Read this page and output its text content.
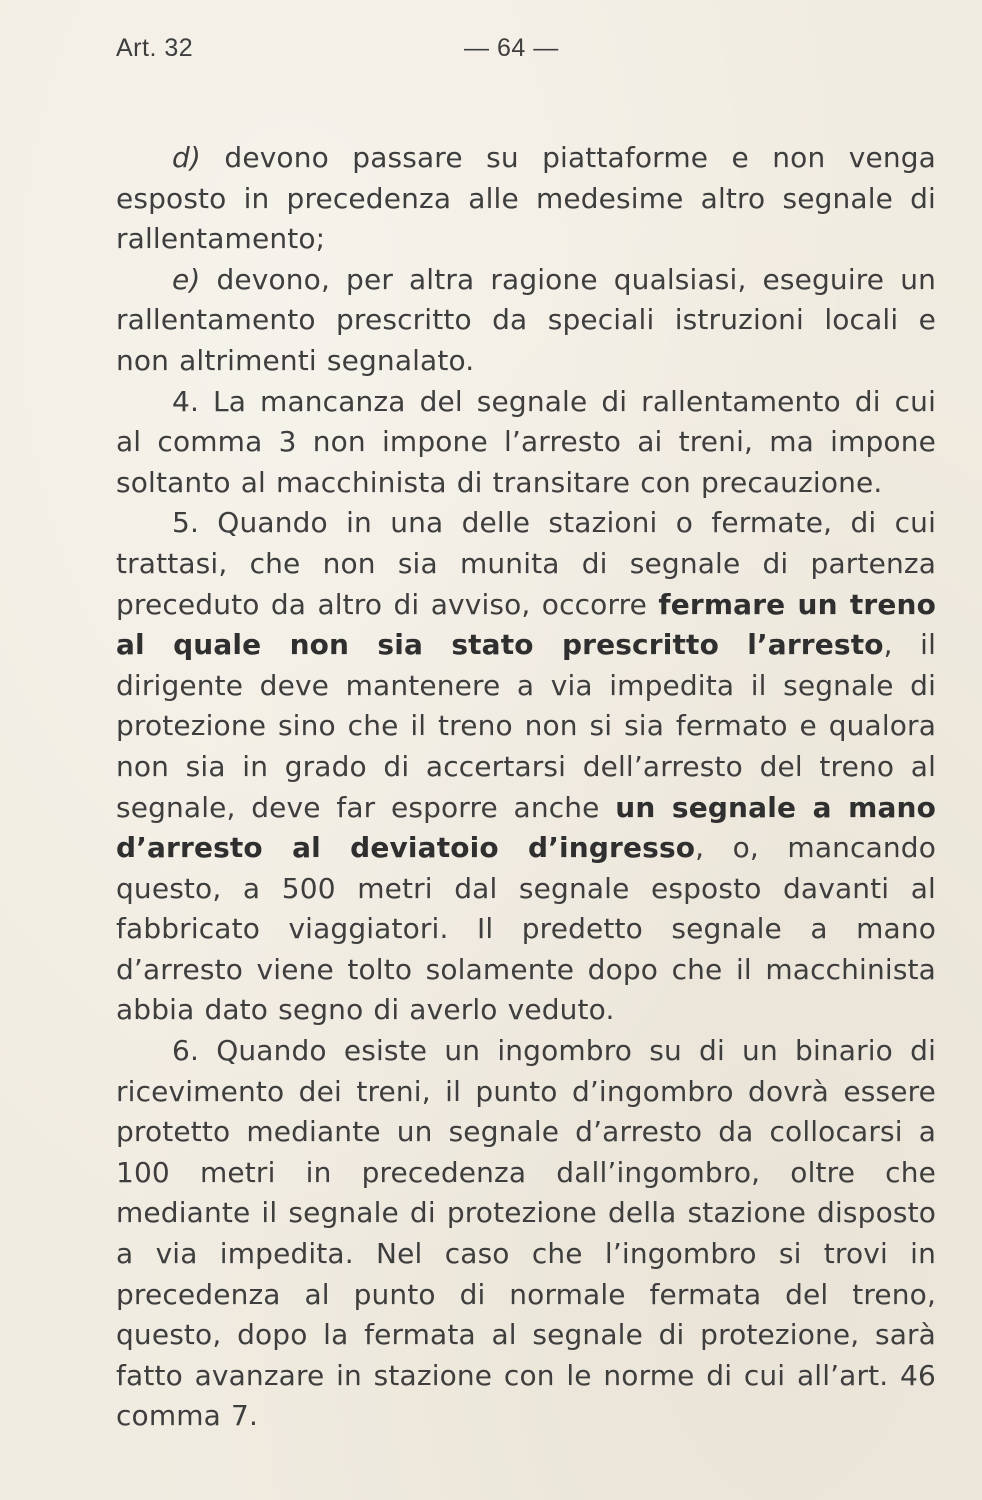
Art. 32	— 64 —

d) devono passare su piattaforme e non venga esposto in precedenza alle medesime altro segnale di rallentamento;

e) devono, per altra ragione qualsiasi, eseguire un rallentamento prescritto da speciali istruzioni locali e non altrimenti segnalato.

4. La mancanza del segnale di rallentamento di cui al comma 3 non impone l’arresto ai treni, ma impone soltanto al macchinista di transitare con precauzione.

5. Quando in una delle stazioni o fermate, di cui trattasi, che non sia munita di segnale di partenza preceduto da altro di avviso, occorre fermare un treno al quale non sia stato prescritto l’arresto, il dirigente deve mantenere a via impedita il segnale di protezione sino che il treno non si sia fermato e qualora non sia in grado di accertarsi dell’arresto del treno al segnale, deve far esporre anche un segnale a mano d’arresto al deviatoio d’ingresso, o, mancando questo, a 500 metri dal segnale esposto davanti al fabbricato viaggiatori. Il predetto segnale a mano d’arresto viene tolto solamente dopo che il macchinista abbia dato segno di averlo veduto.

6. Quando esiste un ingombro su di un binario di ricevimento dei treni, il punto d’ingombro dovrà essere protetto mediante un segnale d’arresto da collocarsi a 100 metri in precedenza dall’ingombro, oltre che mediante il segnale di protezione della stazione disposto a via impedita. Nel caso che l’ingombro si trovi in precedenza al punto di normale fermata del treno, questo, dopo la fermata al segnale di protezione, sarà fatto avanzare in stazione con le norme di cui all’art. 46 comma 7.
